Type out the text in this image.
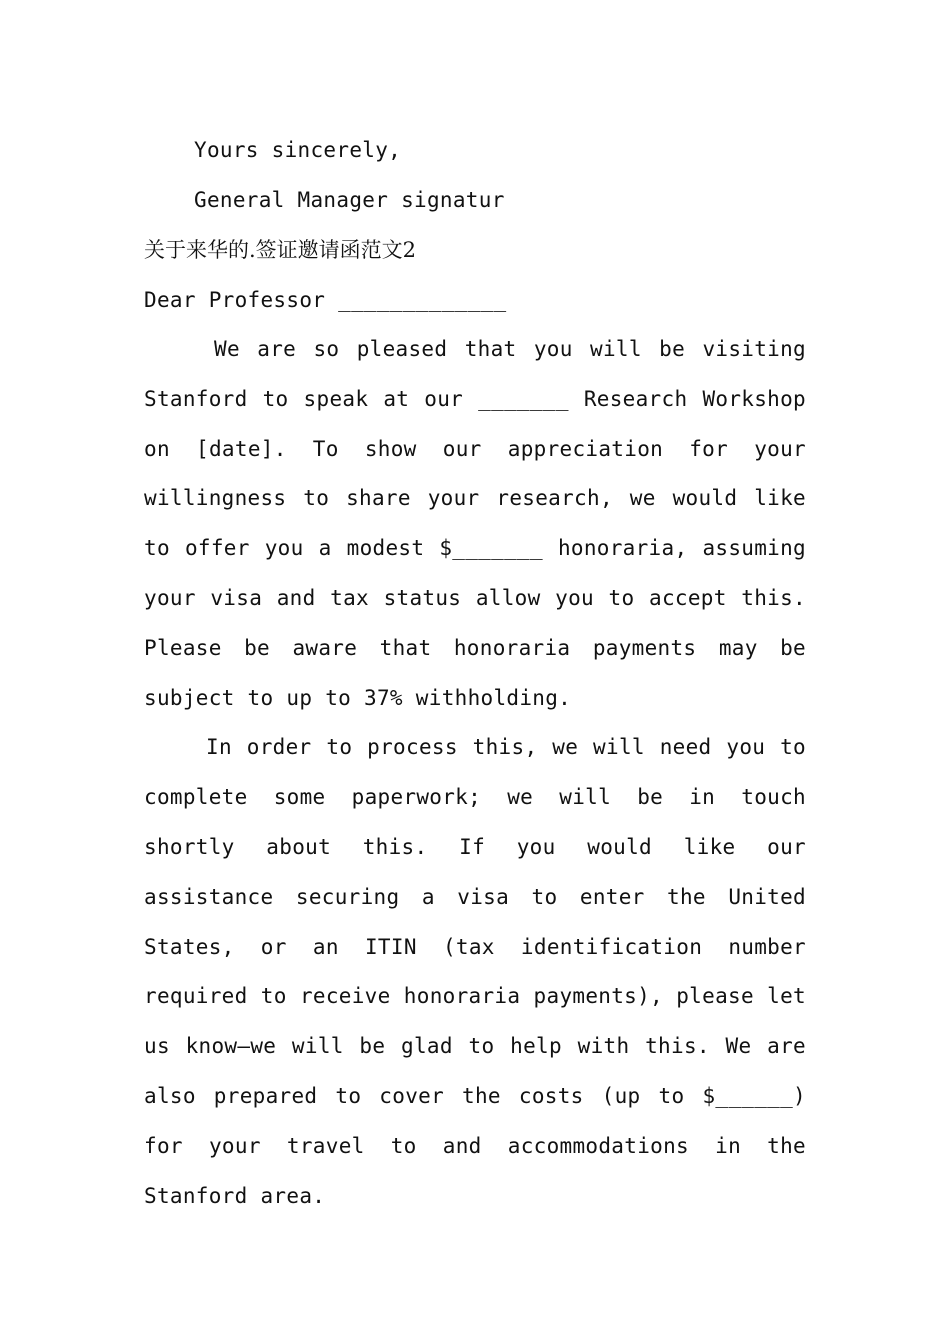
Yours sincerely,
General Manager signatur
关于来华的.签证邀请函范文2
Dear Professor _____________
We are so pleased that you will be visiting Stanford to speak at our _______ Research Workshop on [date]. To show our appreciation for your willingness to share your research, we would like to offer you a modest $_______ honoraria, assuming your visa and tax status allow you to accept this. Please be aware that honoraria payments may be subject to up to 37% withholding.
In order to process this, we will need you to complete some paperwork; we will be in touch shortly about this. If you would like our assistance securing a visa to enter the United States, or an ITIN (tax identification number required to receive honoraria payments), please let us know—we will be glad to help with this. We are also prepared to cover the costs (up to $______) for your travel to and accommodations in the Stanford area.
